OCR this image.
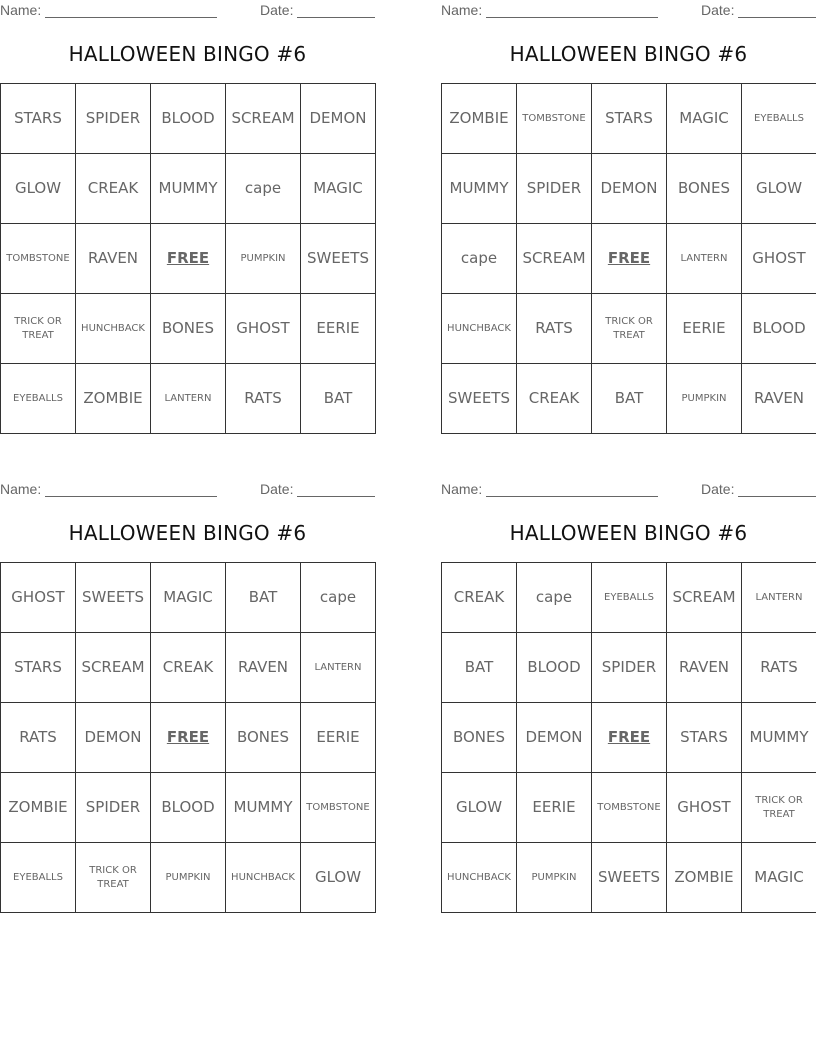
Name:	Date:
HALLOWEEN BINGO #6
STARS	SPIDER	BLOOD	SCREAM	DEMON
GLOW	CREAK	MUMMY	cape	MAGIC
TOMBSTONE	RAVEN	FREE	PUMPKIN	SWEETS
TRICK OR TREAT	HUNCHBACK	BONES	GHOST	EERIE
EYEBALLS	ZOMBIE	LANTERN	RATS	BAT
Name:	Date:
HALLOWEEN BINGO #6
ZOMBIE	TOMBSTONE	STARS	MAGIC	EYEBALLS
MUMMY	SPIDER	DEMON	BONES	GLOW
cape	SCREAM	FREE	LANTERN	GHOST
HUNCHBACK	RATS	TRICK OR TREAT	EERIE	BLOOD
SWEETS	CREAK	BAT	PUMPKIN	RAVEN
Name:	Date:
HALLOWEEN BINGO #6
GHOST	SWEETS	MAGIC	BAT	cape
STARS	SCREAM	CREAK	RAVEN	LANTERN
RATS	DEMON	FREE	BONES	EERIE
ZOMBIE	SPIDER	BLOOD	MUMMY	TOMBSTONE
EYEBALLS	TRICK OR TREAT	PUMPKIN	HUNCHBACK	GLOW
Name:	Date:
HALLOWEEN BINGO #6
CREAK	cape	EYEBALLS	SCREAM	LANTERN
BAT	BLOOD	SPIDER	RAVEN	RATS
BONES	DEMON	FREE	STARS	MUMMY
GLOW	EERIE	TOMBSTONE	GHOST	TRICK OR TREAT
HUNCHBACK	PUMPKIN	SWEETS	ZOMBIE	MAGIC
